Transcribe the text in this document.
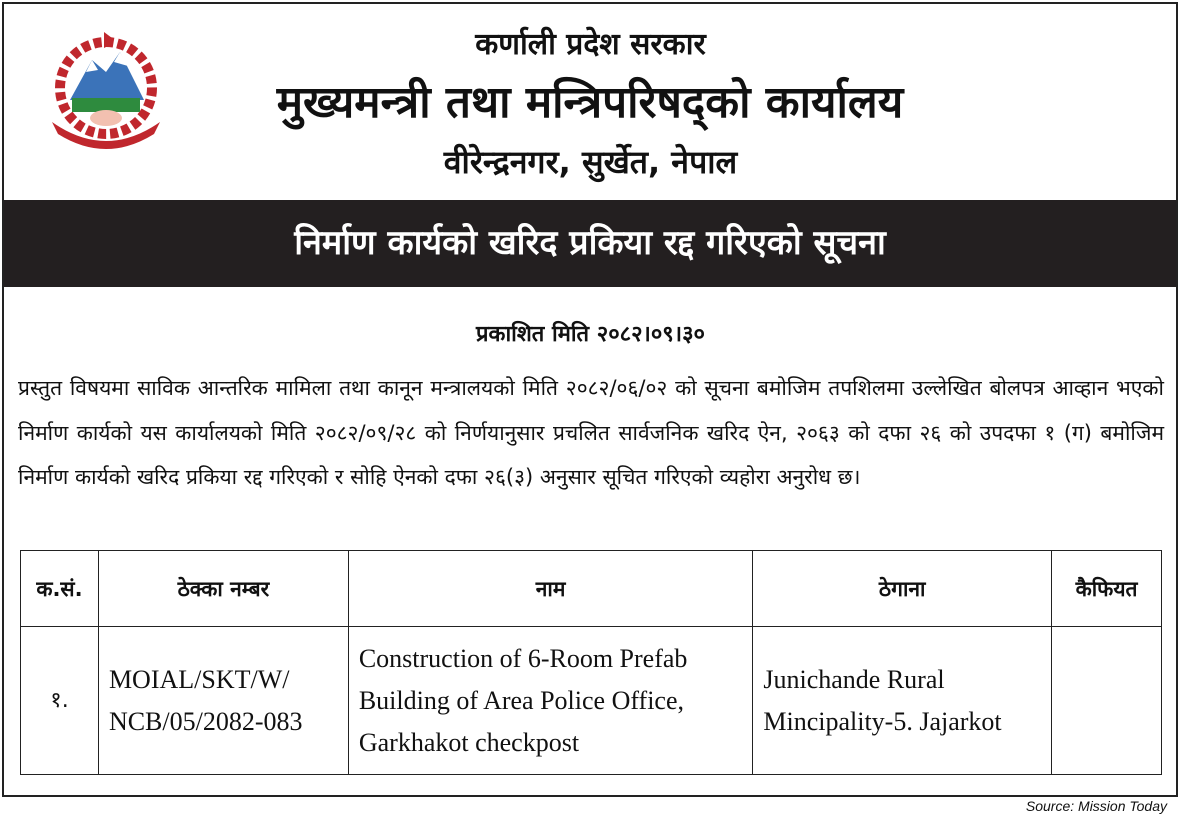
कर्णाली प्रदेश सरकार
मुख्यमन्त्री तथा मन्त्रिपरिषद्को कार्यालय
वीरेन्द्रनगर, सुर्खेत, नेपाल
निर्माण कार्यको खरिद प्रकिया रद्द गरिएको सूचना
प्रकाशित मिति २०८२।०९।३०
प्रस्तुत विषयमा साविक आन्तरिक मामिला तथा कानून मन्त्रालयको मिति २०८२/०६/०२ को सूचना बमोजिम तपशिलमा उल्लेखित बोलपत्र आव्हान भएको निर्माण कार्यको यस कार्यालयको मिति २०८२/०९/२८ को निर्णयानुसार प्रचलित सार्वजनिक खरिद ऐन, २०६३ को दफा २६ को उपदफा १ (ग) बमोजिम निर्माण कार्यको खरिद प्रकिया रद्द गरिएको र सोहि ऐनको दफा २६(३) अनुसार सूचित गरिएको व्यहोरा अनुरोध छ।
क.सं.	ठेक्का नम्बर	नाम	ठेगाना	कैफियत
१.	MOIAL/SKT/W/ NCB/05/2082-083	Construction of 6-Room Prefab Building of Area Police Office, Garkhakot checkpost	Junichande Rural Mincipality-5. Jajarkot	
Source: Mission Today
